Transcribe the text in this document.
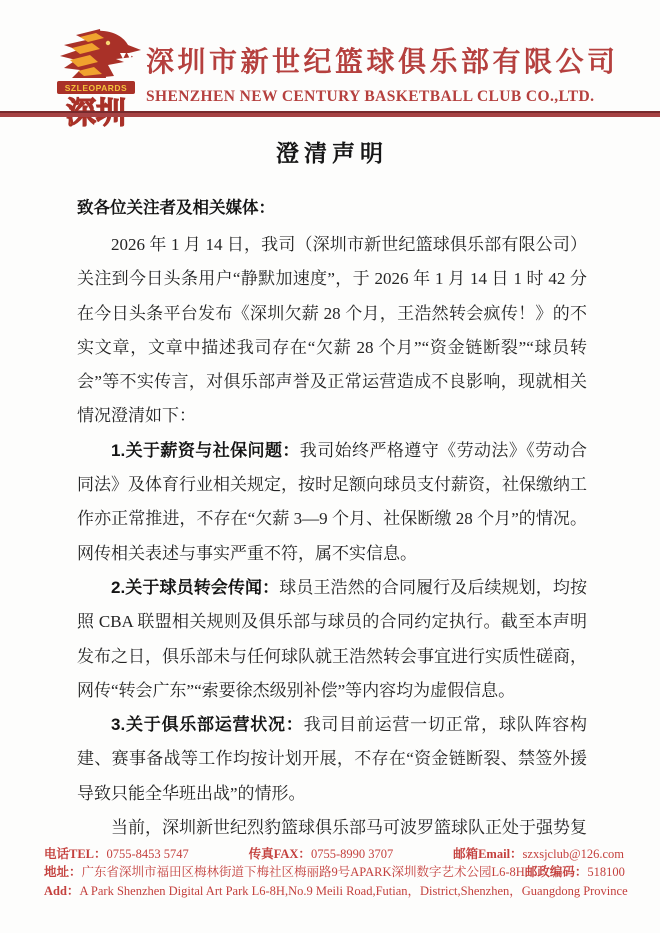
SZLEOPARDS
深圳市新世纪篮球俱乐部有限公司
SHENZHEN NEW CENTURY BASKETBALL CLUB CO.,LTD.
澄清声明
致各位关注者及相关媒体：

2026 年 1 月 14 日，我司（深圳市新世纪篮球俱乐部有限公司）关注到今日头条用户“静默加速度”，于 2026 年 1 月 14 日 1 时 42 分在今日头条平台发布《深圳欠薪 28 个月，王浩然转会疯传！》的不实文章，文章中描述我司存在“欠薪 28 个月”“资金链断裂”“球员转会”等不实传言，对俱乐部声誉及正常运营造成不良影响，现就相关情况澄清如下：

1.关于薪资与社保问题：我司始终严格遵守《劳动法》《劳动合同法》及体育行业相关规定，按时足额向球员支付薪资，社保缴纳工作亦正常推进，不存在“欠薪 3—9 个月、社保断缴 28 个月”的情况。网传相关表述与事实严重不符，属不实信息。

2.关于球员转会传闻：球员王浩然的合同履行及后续规划，均按照 CBA 联盟相关规则及俱乐部与球员的合同约定执行。截至本声明发布之日，俱乐部未与任何球队就王浩然转会事宜进行实质性磋商，网传“转会广东”“索要徐杰级别补偿”等内容均为虚假信息。

3.关于俱乐部运营状况：我司目前运营一切正常，球队阵容构建、赛事备战等工作均按计划开展，不存在“资金链断裂、禁签外援导致只能全华班出战”的情形。

当前，深圳新世纪烈豹篮球俱乐部马可波罗篮球队正处于强势复

电话TEL：0755-8453 5747	传真FAX：0755-8990 3707	邮箱Email：szxsjclub@126.com
地址：广东省深圳市福田区梅林街道下梅社区梅丽路9号APARK深圳数字艺术公园L6-8H 邮政编码：518100
Add：A Park Shenzhen Digital Art Park L6-8H,No.9 Meili Road,Futian，District,Shenzhen，Guangdong Province
